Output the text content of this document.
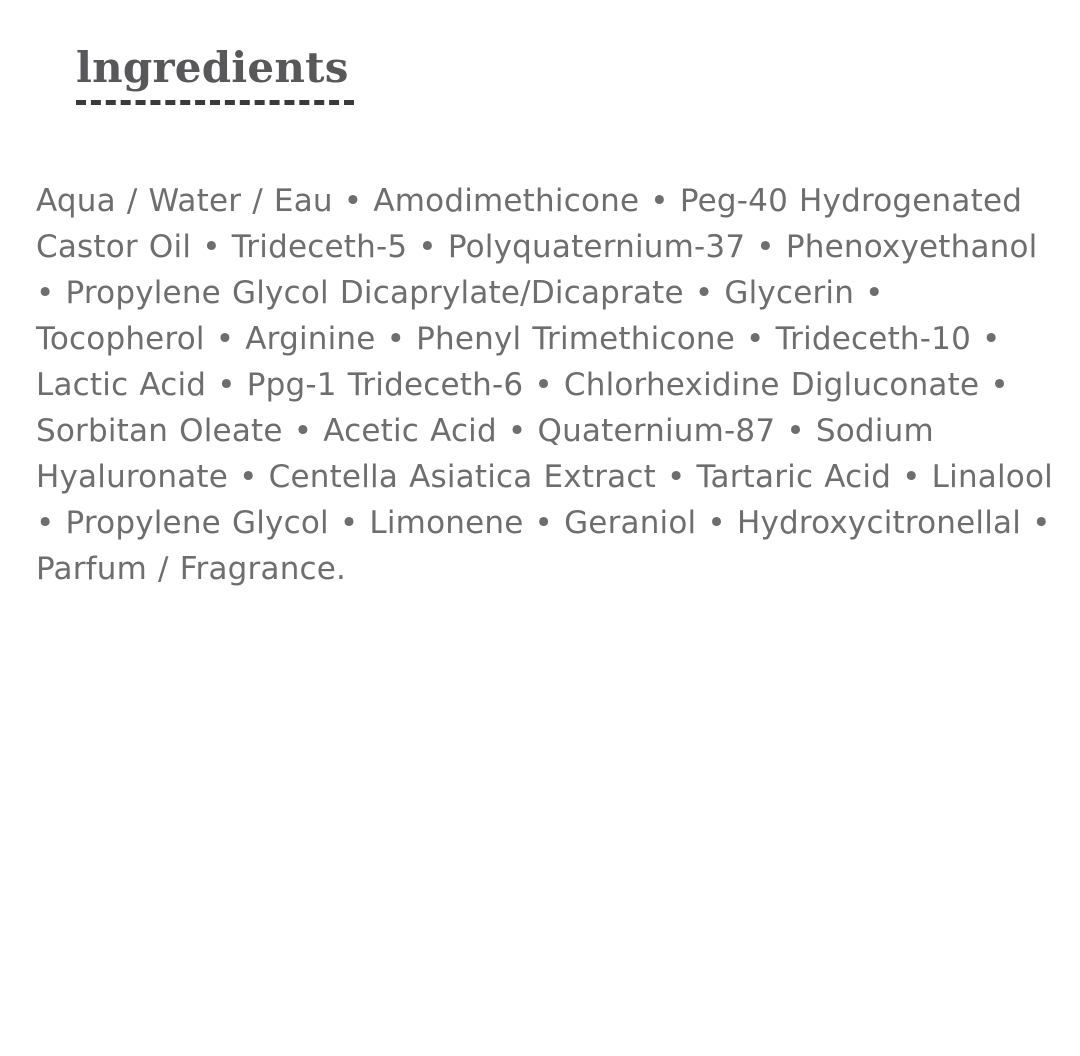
lngredients
Aqua / Water / Eau • Amodimethicone • Peg-40 Hydrogenated Castor Oil • Trideceth-5 • Polyquaternium-37 • Phenoxyethanol • Propylene Glycol Dicaprylate/Dicaprate • Glycerin • Tocopherol • Arginine • Phenyl Trimethicone • Trideceth-10 • Lactic Acid • Ppg-1 Trideceth-6 • Chlorhexidine Digluconate • Sorbitan Oleate • Acetic Acid • Quaternium-87 • Sodium Hyaluronate • Centella Asiatica Extract • Tartaric Acid • Linalool • Propylene Glycol • Limonene • Geraniol • Hydroxycitronellal • Parfum / Fragrance.
